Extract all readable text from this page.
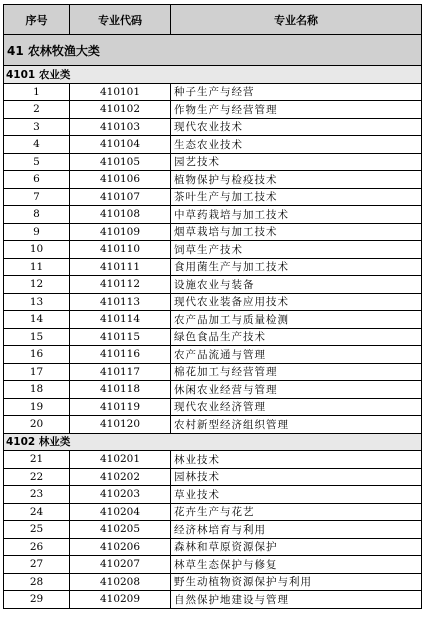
序号	专业代码	专业名称
41 农林牧渔大类		
4101 农业类		
1	410101	种子生产与经营
2	410102	作物生产与经营管理
3	410103	现代农业技术
4	410104	生态农业技术
5	410105	园艺技术
6	410106	植物保护与检疫技术
7	410107	茶叶生产与加工技术
8	410108	中草药栽培与加工技术
9	410109	烟草栽培与加工技术
10	410110	饲草生产技术
11	410111	食用菌生产与加工技术
12	410112	设施农业与装备
13	410113	现代农业装备应用技术
14	410114	农产品加工与质量检测
15	410115	绿色食品生产技术
16	410116	农产品流通与管理
17	410117	棉花加工与经营管理
18	410118	休闲农业经营与管理
19	410119	现代农业经济管理
20	410120	农村新型经济组织管理
4102 林业类		
21	410201	林业技术
22	410202	园林技术
23	410203	草业技术
24	410204	花卉生产与花艺
25	410205	经济林培育与利用
26	410206	森林和草原资源保护
27	410207	林草生态保护与修复
28	410208	野生动植物资源保护与利用
29	410209	自然保护地建设与管理
